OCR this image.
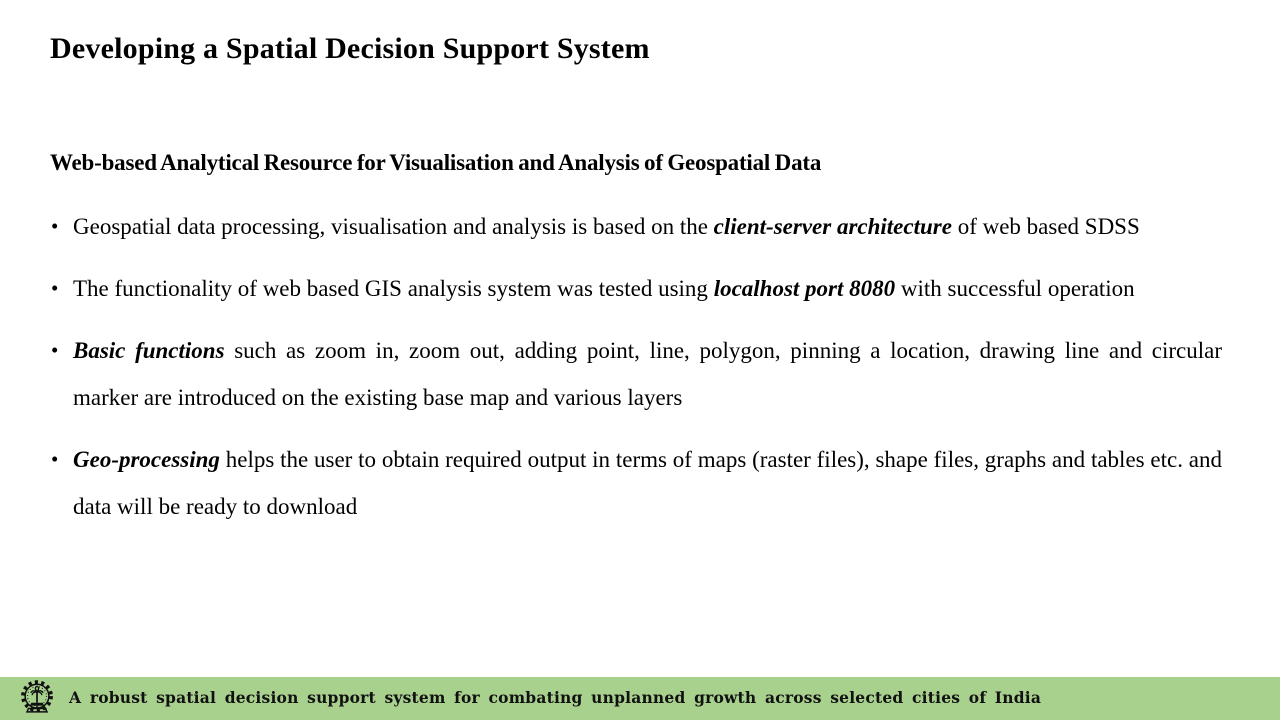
Developing a Spatial Decision Support System
Web-based Analytical Resource for Visualisation and Analysis of Geospatial Data
• Geospatial data processing, visualisation and analysis is based on the client-server architecture of web based SDSS
• The functionality of web based GIS analysis system was tested using localhost port 8080 with successful operation
• Basic functions such as zoom in, zoom out, adding point, line, polygon, pinning a location, drawing line and circular marker are introduced on the existing base map and various layers
• Geo-processing helps the user to obtain required output in terms of maps (raster files), shape files, graphs and tables etc. and data will be ready to download
A robust spatial decision support system for combating unplanned growth across selected cities of India
